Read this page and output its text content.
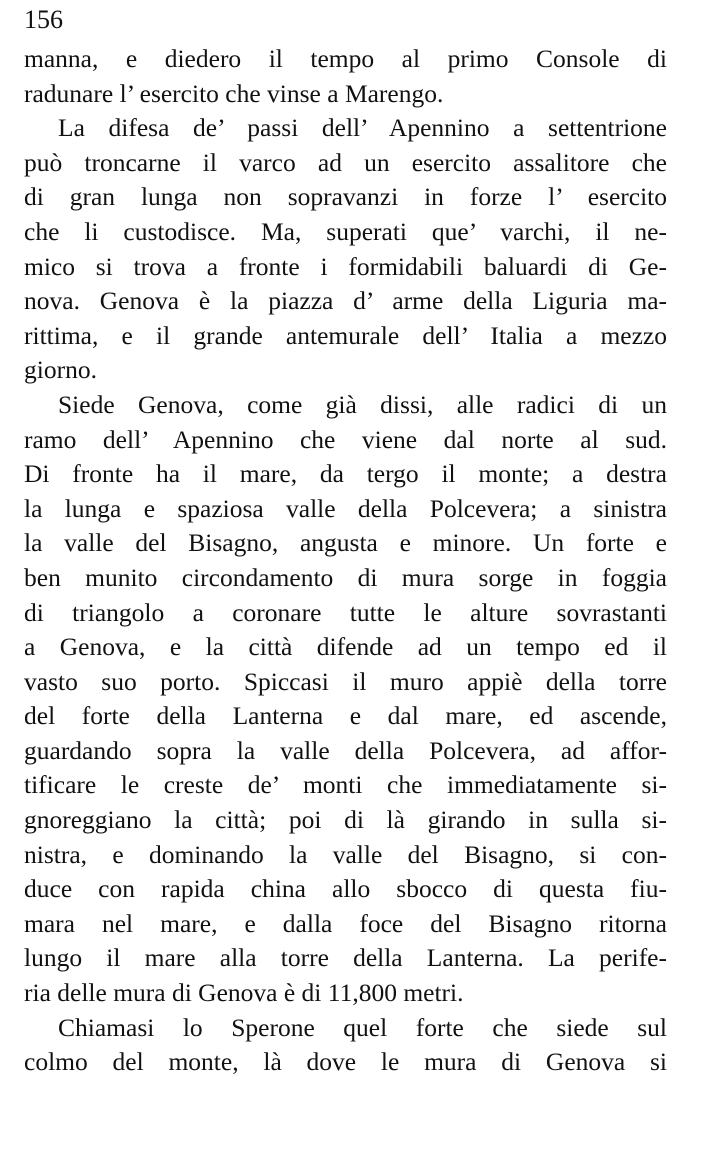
156
manna, e diedero il tempo al primo Console di
radunare l’ esercito che vinse a Marengo.
La difesa de’ passi dell’ Apennino a settentrione
può troncarne il varco ad un esercito assalitore che
di gran lunga non sopravanzi in forze l’ esercito
che li custodisce. Ma, superati que’ varchi, il ne-
mico si trova a fronte i formidabili baluardi di Ge-
nova. Genova è la piazza d’ arme della Liguria ma-
rittima, e il grande antemurale dell’ Italia a mezzo
giorno.
Siede Genova, come già dissi, alle radici di un
ramo dell’ Apennino che viene dal norte al sud.
Di fronte ha il mare, da tergo il monte; a destra
la lunga e spaziosa valle della Polcevera; a sinistra
la valle del Bisagno, angusta e minore. Un forte e
ben munito circondamento di mura sorge in foggia
di triangolo a coronare tutte le alture sovrastanti
a Genova, e la città difende ad un tempo ed il
vasto suo porto. Spiccasi il muro appiè della torre
del forte della Lanterna e dal mare, ed ascende,
guardando sopra la valle della Polcevera, ad affor-
tificare le creste de’ monti che immediatamente si-
gnoreggiano la città; poi di là girando in sulla si-
nistra, e dominando la valle del Bisagno, si con-
duce con rapida china allo sbocco di questa fiu-
mara nel mare, e dalla foce del Bisagno ritorna
lungo il mare alla torre della Lanterna. La perife-
ria delle mura di Genova è di 11,800 metri.
Chiamasi lo Sperone quel forte che siede sul
colmo del monte, là dove le mura di Genova si
